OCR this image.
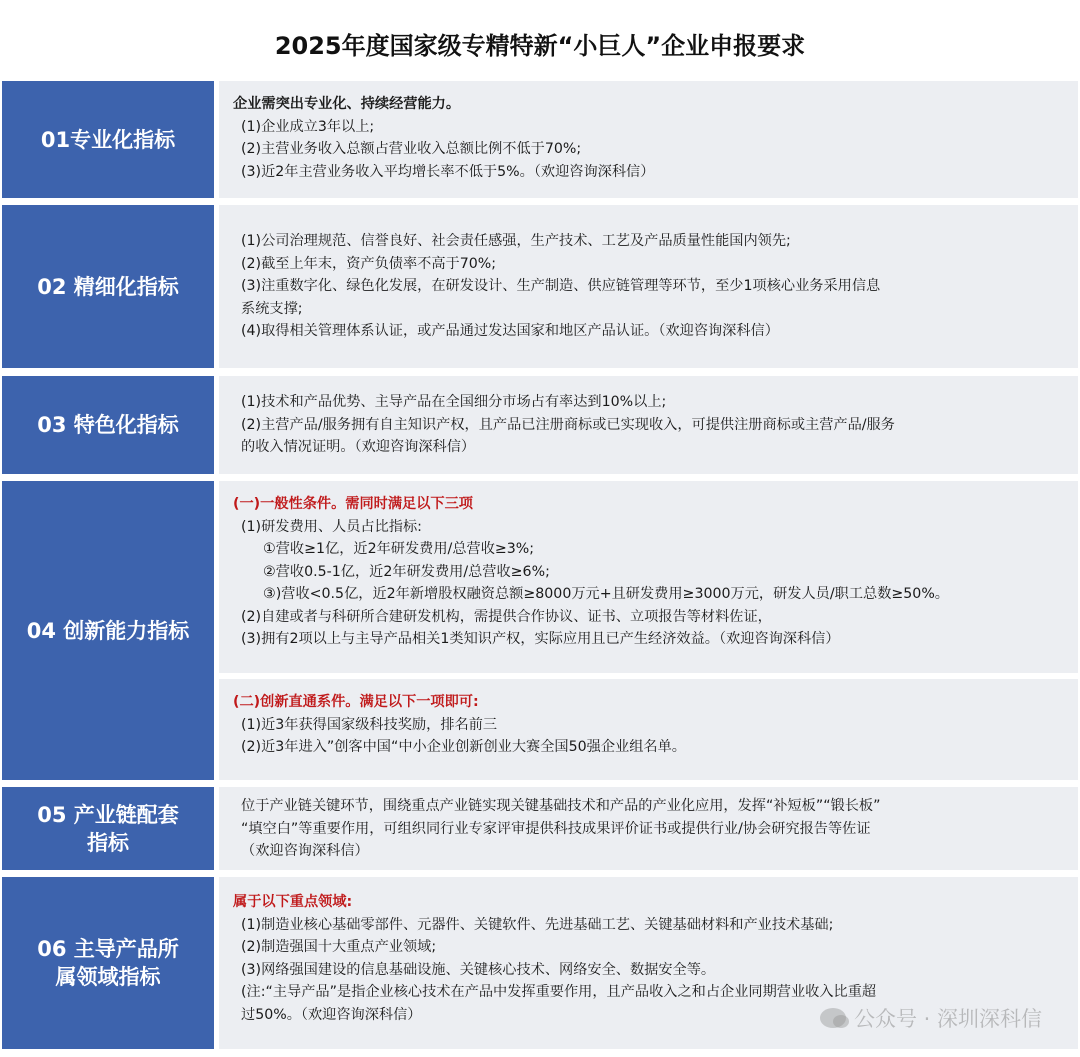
2025年度国家级专精特新“小巨人”企业申报要求
01专业化指标
企业需突出专业化、持续经营能力。
(1)企业成立3年以上;
(2)主营业务收入总额占营业收入总额比例不低于70%;
(3)近2年主营业务收入平均增长率不低于5%。（欢迎咨询深科信）
02 精细化指标
(1)公司治理规范、信誉良好、社会责任感强，生产技术、工艺及产品质量性能国内领先;
(2)截至上年末，资产负债率不高于70%;
(3)注重数字化、绿色化发展，在研发设计、生产制造、供应链管理等环节，至少1项核心业务采用信息
系统支撑;
(4)取得相关管理体系认证，或产品通过发达国家和地区产品认证。（欢迎咨询深科信）
03 特色化指标
(1)技术和产品优势、主导产品在全国细分市场占有率达到10%以上;
(2)主营产品/服务拥有自主知识产权，且产品已注册商标或已实现收入，可提供注册商标或主营产品/服务
的收入情况证明。（欢迎咨询深科信）
04 创新能力指标
(一)一般性条件。需同时满足以下三项
(1)研发费用、人员占比指标:
①营收≥1亿，近2年研发费用/总营收≥3%;
②营收0.5-1亿，近2年研发费用/总营收≥6%;
③)营收<0.5亿，近2年新增股权融资总额≥8000万元+且研发费用≥3000万元，研发人员/职工总数≥50%。
(2)自建或者与科研所合建研发机构，需提供合作协议、证书、立项报告等材料佐证，
(3)拥有2项以上与主导产品相关1类知识产权，实际应用且已产生经济效益。（欢迎咨询深科信）
(二)创新直通系件。满足以下一项即可:
(1)近3年获得国家级科技奖励，排名前三
(2)近3年进入”创客中国“中小企业创新创业大赛全国50强企业组名单。
05 产业链配套
指标
位于产业链关键环节，围绕重点产业链实现关键基础技术和产品的产业化应用，发挥“补短板”“锻长板”
“填空白”等重要作用，可组织同行业专家评审提供科技成果评价证书或提供行业/协会研究报告等佐证
（欢迎咨询深科信）
06 主导产品所
属领域指标
属于以下重点领域:
(1)制造业核心基础零部件、元器件、关键软件、先进基础工艺、关键基础材料和产业技术基础;
(2)制造强国十大重点产业领域;
(3)网络强国建设的信息基础设施、关键核心技术、网络安全、数据安全等。
(注:“主导产品”是指企业核心技术在产品中发挥重要作用，且产品收入之和占企业同期营业收入比重超
过50%。（欢迎咨询深科信）	公众号 · 深圳深科信
